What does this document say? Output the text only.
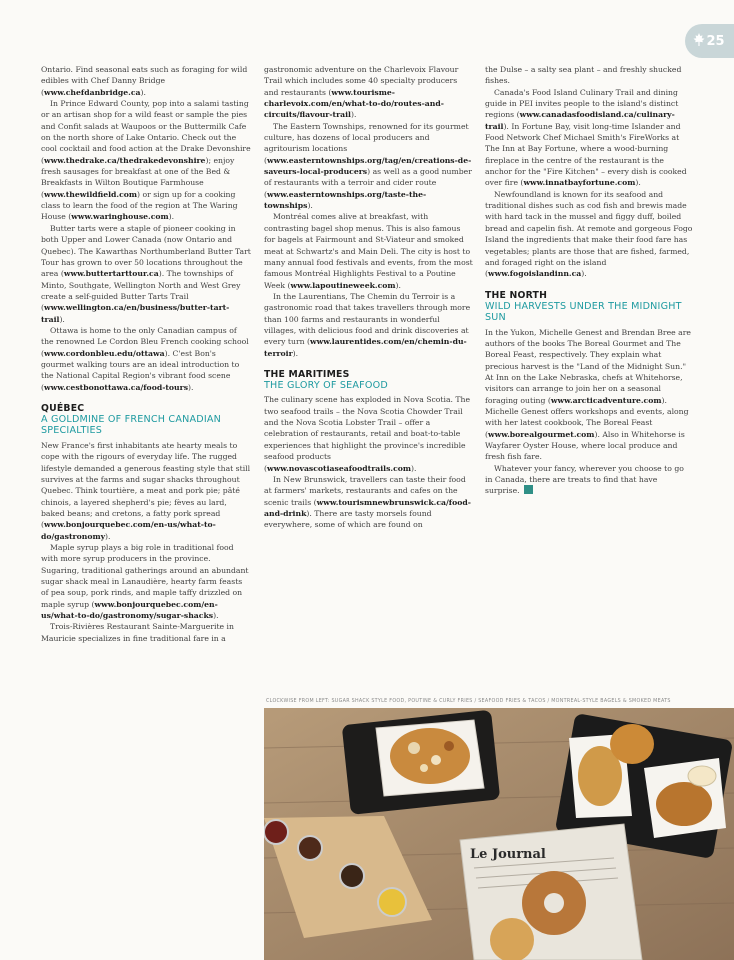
25

Ontario. Find seasonal eats such as foraging for wild edibles with Chef Danny Bridge (www.chefdanbridge.ca).

In Prince Edward County, pop into a salami tasting or an artisan shop for a wild feast or sample the pies and Confit salads at Waupoos or the Buttermilk Cafe on the north shore of Lake Ontario. Check out the cool cocktail and food action at the Drake Devonshire (www.thedrake.ca/thedrakedevonshire); enjoy fresh sausages for breakfast at one of the Bed & Breakfasts in Wilton Boutique Farmhouse (www.thewildfield.com) or sign up for a cooking class to learn the food of the region at The Waring House (www.waringhouse.com).

Butter tarts were a staple of pioneer cooking in both Upper and Lower Canada (now Ontario and Quebec). The Kawarthas Northumberland Butter Tart Tour has grown to over 50 locations throughout the area (www.buttertarttour.ca). The townships of Minto, Southgate, Wellington North and West Grey create a self-guided Butter Tarts Trail (www.wellington.ca/en/business/butter-tart-trail).

Ottawa is home to the only Canadian campus of the renowned Le Cordon Bleu French cooking school (www.cordonbleu.edu/ottawa). C'est Bon's gourmet walking tours are an ideal introduction to the National Capital Region's vibrant food scene (www.cestbonottawa.ca/food-tours).

QUÉBEC
A GOLDMINE OF FRENCH CANADIAN SPECIALTIES

New France's first inhabitants ate hearty meals to cope with the rigours of everyday life. The rugged lifestyle demanded a generous feasting style that still survives at the farms and sugar shacks throughout Quebec. Think tourtière, a meat and pork pie; pâté chinois, a layered shepherd's pie; fèves au lard, baked beans; and cretons, a fatty pork spread (www.bonjourquebec.com/en-us/what-to-do/gastronomy).

Maple syrup plays a big role in traditional food with more syrup producers in the province. Sugaring, traditional gatherings around an abundant sugar shack meal in Lanaudière, hearty farm feasts of pea soup, pork rinds, and maple taffy drizzled on maple syrup (www.bonjourquebec.com/en-us/what-to-do/gastronomy/sugar-shacks).

Trois-Rivières Restaurant Sainte-Marguerite in Mauricie specializes in fine traditional fare in a

gastronomic adventure on the Charlevoix Flavour Trail which includes some 40 specialty producers and restaurants (www.tourisme-charlevoix.com/en/what-to-do/routes-and-circuits/flavour-trail).

The Eastern Townships, renowned for its gourmet culture, has dozens of local producers and agritourism locations (www.easterntownships.org/tag/en/creations-de-saveurs-local-producers) as well as a good number of restaurants with a terroir and cider route (www.easterntownships.org/taste-the-townships).

Montréal comes alive at breakfast, with contrasting bagel shop menus. This is also famous for bagels at Fairmount and St-Viateur and smoked meat at Schwartz's and Main Deli. The city is host to many annual food festivals and events, from the most famous Montréal Highlights Festival to a Poutine Week (www.lapoutineweek.com).

In the Laurentians, The Chemin du Terroir is a gastronomic road that takes travellers through more than 100 farms and restaurants in wonderful villages, with delicious food and drink discoveries at every turn (www.laurentides.com/en/chemin-du-terroir).

THE MARITIMES
THE GLORY OF SEAFOOD

The culinary scene has exploded in Nova Scotia. The two seafood trails – the Nova Scotia Chowder Trail and the Nova Scotia Lobster Trail – offer a celebration of restaurants, retail and boat-to-table experiences that highlight the province's incredible seafood products (www.novascotiaseafoodtrails.com).

In New Brunswick, travellers can taste their food at farmers' markets, restaurants and cafes on the scenic trails (www.tourismnewbrunswick.ca/food-and-drink). There are tasty morsels found everywhere, some of which are found on

the Dulse – a salty sea plant – and freshly shucked fishes.

Canada's Food Island Culinary Trail and dining guide in PEI invites people to the island's distinct regions (www.canadasfoodisland.ca/culinary-trail). In Fortune Bay, visit long-time Islander and Food Network Chef Michael Smith's FireWorks at The Inn at Bay Fortune, where a wood-burning fireplace in the centre of the restaurant is the anchor for the "Fire Kitchen" – every dish is cooked over fire (www.innatbayfortune.com).

Newfoundland is known for its seafood and traditional dishes such as cod fish and brewis made with hard tack in the mussel and figgy duff, boiled bread and capelin fish. At remote and gorgeous Fogo Island the ingredients that make their food fare has vegetables; plants are those that are fished, farmed, and foraged right on the island (www.fogoislandinn.ca).

THE NORTH
WILD HARVESTS UNDER THE MIDNIGHT SUN

In the Yukon, Michelle Genest and Brendan Bree are authors of the books The Boreal Gourmet and The Boreal Feast, respectively. They explain what precious harvest is the "Land of the Midnight Sun." At Inn on the Lake Nebraska, chefs at Whitehorse, visitors can arrange to join her on a seasonal foraging outing (www.arcticadventure.com). Michelle Genest offers workshops and events, along with her latest cookbook, The Boreal Feast (www.borealgourmet.com). Also in Whitehorse is Wayfarer Oyster House, where local produce and fresh fish fare.

Whatever your fancy, wherever you choose to go in Canada, there are treats to find that have surprise.

CLOCKWISE FROM LEFT: SUGAR SHACK STYLE FOOD, POUTINE & CURLY FRIES / SEAFOOD FRIES & TACOS / MONTREAL-STYLE BAGELS & SMOKED MEATS
Le Journal
